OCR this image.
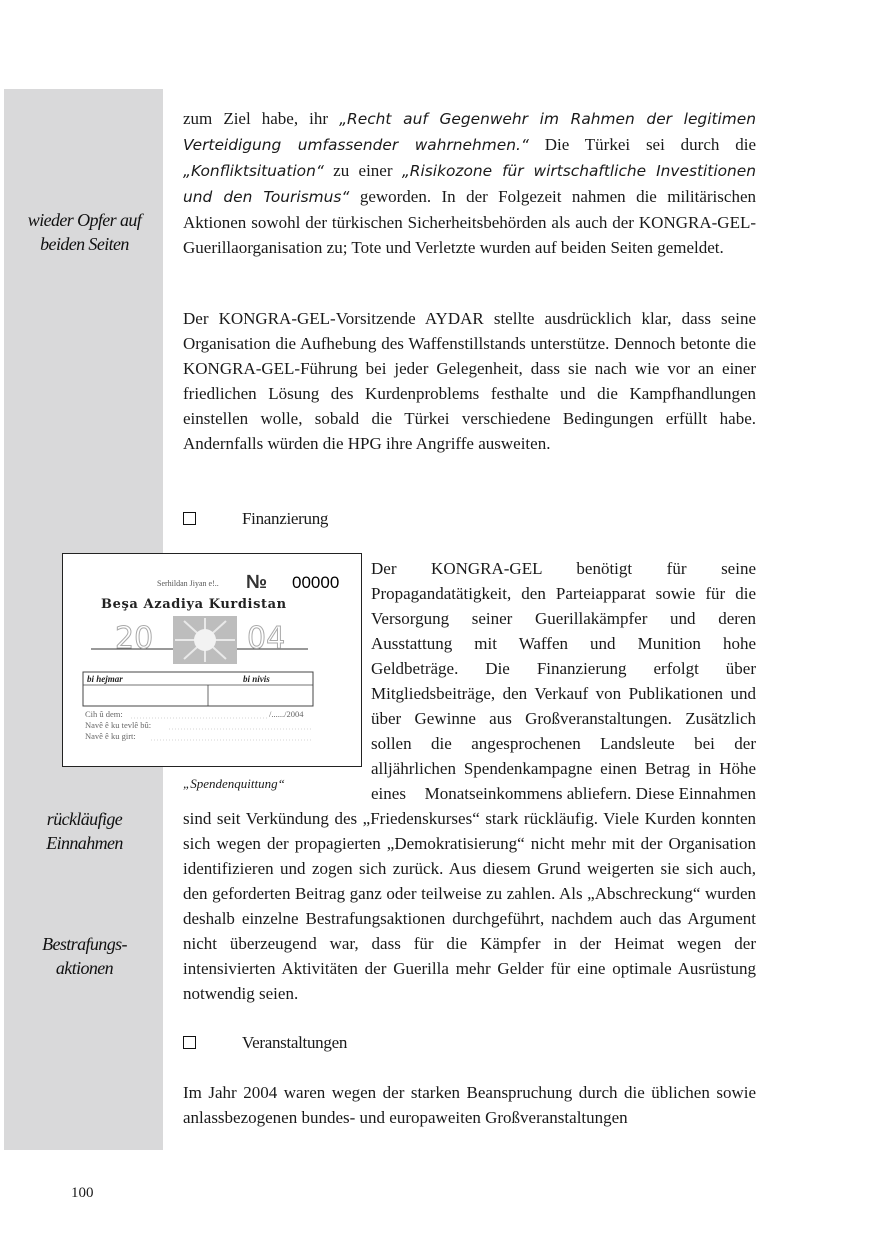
wieder Opfer auf
beiden Seiten
rückläufige
Einnahmen
Bestrafungs-
aktionen

zum Ziel habe, ihr „Recht auf Gegenwehr im Rahmen der legitimen Verteidigung umfassender wahrnehmen.“ Die Türkei sei durch die „Konfliktsituation“ zu einer „Risikozone für wirtschaftliche Investitionen und den Tourismus“ geworden. In der Folgezeit nahmen die militärischen Aktionen sowohl der türkischen Sicherheitsbehörden als auch der KONGRA-GEL-Guerillaorganisation zu; Tote und Verletzte wurden auf beiden Seiten gemeldet.

Der KONGRA-GEL-Vorsitzende AYDAR stellte ausdrücklich klar, dass seine Organisation die Aufhebung des Waffenstillstands unterstütze. Dennoch betonte die KONGRA-GEL-Führung bei jeder Gelegenheit, dass sie nach wie vor an einer friedlichen Lösung des Kurdenproblems festhalte und die Kampfhandlungen einstellen wolle, sobald die Türkei verschiedene Bedingungen erfüllt habe. Andernfalls würden die HPG ihre Angriffe ausweiten.

Finanzierung
Serhildan Jiyan e!.. № 00000
Beşa Azadiya Kurdistan
20	04
bi hejmar	bi nivis
Cih û dem:	/....../2004
Navê ê ku tevlê bû:
Navê ê ku girt:
„Spendenquittung“

Der KONGRA-GEL benötigt für seine Propagandatätigkeit, den Parteiapparat sowie für die Versorgung seiner Guerillakämpfer und deren Ausstattung mit Waffen und Munition hohe Geldbeträge. Die Finanzierung erfolgt über Mitgliedsbeiträge, den Verkauf von Publikationen und über Gewinne aus Großveranstaltungen. Zusätzlich sollen die angesprochenen Landsleute bei der alljährlichen Spendenkampagne einen Betrag in Höhe eines	Monatseinkommens abliefern. Diese Einnahmen

sind seit Verkündung des „Friedenskurses“ stark rückläufig. Viele Kurden konnten sich wegen der propagierten „Demokratisierung“ nicht mehr mit der Organisation identifizieren und zogen sich zurück. Aus diesem Grund weigerten sie sich auch, den geforderten Beitrag ganz oder teilweise zu zahlen. Als „Abschreckung“ wurden deshalb einzelne Bestrafungsaktionen durchgeführt, nachdem auch das Argument nicht überzeugend war, dass für die Kämpfer in der Heimat wegen der intensivierten Aktivitäten der Guerilla mehr Gelder für eine optimale Ausrüstung notwendig seien.

Veranstaltungen

Im Jahr 2004 waren wegen der starken Beanspruchung durch die üblichen sowie anlassbezogenen bundes- und europaweiten Großveranstaltungen

100
